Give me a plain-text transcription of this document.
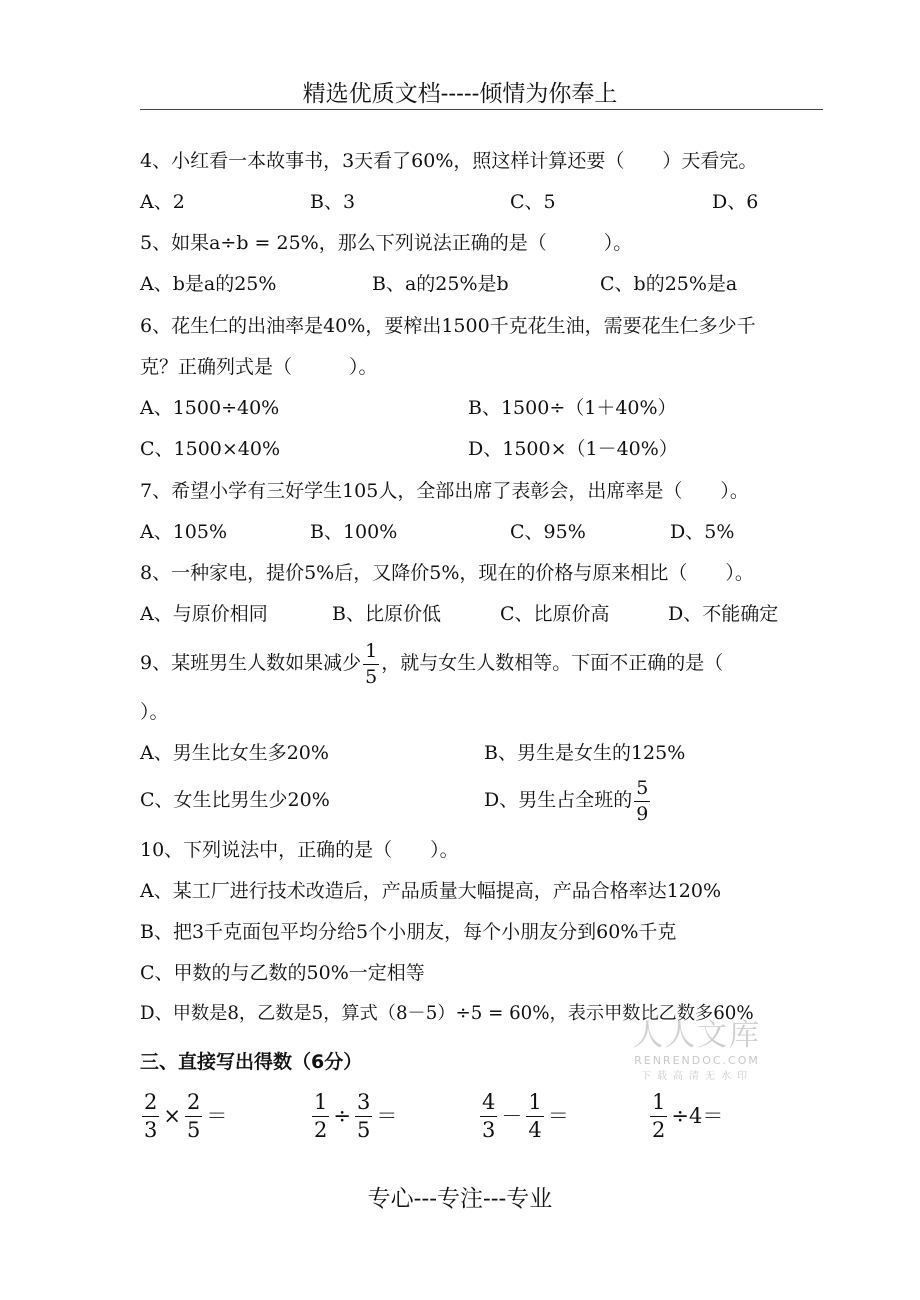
精选优质文档-----倾情为你奉上
4、小红看一本故事书，3天看了60%，照这样计算还要（　　）天看完。
A、2	B、3	C、5	D、6
5、如果a÷b = 25%，那么下列说法正确的是（　　　）。
A、b是a的25%	B、a的25%是b	C、b的25%是a
6、花生仁的出油率是40%，要榨出1500千克花生油，需要花生仁多少千
克？正确列式是（　　　）。
A、1500÷40%	B、1500÷（1＋40%）
C、1500×40%	D、1500×（1－40%）
7、希望小学有三好学生105人，全部出席了表彰会，出席率是（　　）。
A、105%	B、100%	C、95%	D、5%
8、一种家电，提价5%后，又降价5%，现在的价格与原来相比（　　）。
A、与原价相同	B、比原价低	C、比原价高	D、不能确定
9、某班男生人数如果减少 $\frac{1}{5}$ ，就与女生人数相等。下面不正确的是（
）。
A、男生比女生多20%	B、男生是女生的125%
C、女生比男生少20%	D、男生占全班的 $\frac{5}{9}$
10、下列说法中，正确的是（　　）。
A、某工厂进行技术改造后，产品质量大幅提高，产品合格率达120%
B、把3千克面包平均分给5个小朋友，每个小朋友分到60%千克
C、甲数的与乙数的50%一定相等
D、甲数是8，乙数是5，算式（8－5）÷5 = 60%，表示甲数比乙数多60%
人人文库
RENRENDOC.COM
下载高清无水印
三、直接写出得数（6分）
$\frac{2}{3} \times \frac{2}{5}$ ＝	$\frac{1}{2} \div \frac{3}{5}$ ＝	$\frac{4}{3} - \frac{1}{4}$ ＝	$\frac{1}{2} \div 4=$
专心---专注---专业
